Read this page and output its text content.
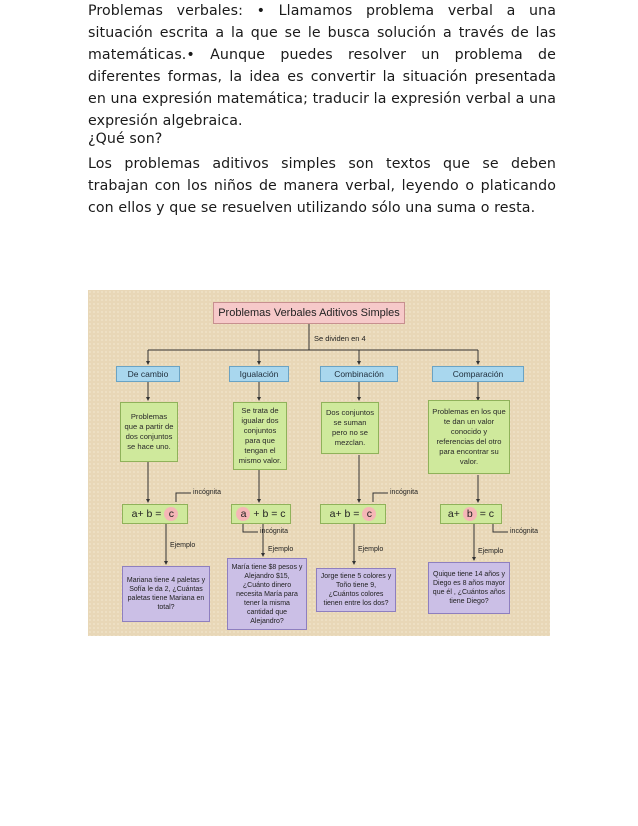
Problemas verbales: • Llamamos problema verbal a una situación escrita a la que se le busca solución a través de las matemáticas.• Aunque puedes resolver un problema de diferentes formas, la idea es convertir la situación presentada en una expresión matemática; traducir la expresión verbal a una expresión algebraica.

¿Qué son?

Los problemas aditivos simples son textos que se deben trabajan con los niños de manera verbal, leyendo o platicando con ellos y que se resuelven utilizando sólo una suma o resta.

Problemas Verbales Aditivos Simples
Se dividen en 4
De cambio	Igualación	Combinación	Comparación
Problemas que a partir de dos conjuntos se hace uno.
Se trata de igualar dos conjuntos para que tengan el mismo valor.
Dos conjuntos se suman pero no se mezclan.
Problemas en los que te dan un valor conocido y referencias del otro para encontrar su valor.
a+ b = c	a + b = c	a+ b = c	a+ b = c
incógnita
incógnita
incógnita
incógnita
Ejemplo
Ejemplo	Ejemplo	Ejemplo
Mariana tiene 4 paletas y Sofía le da 2, ¿Cuántas paletas tiene Mariana en total?
María tiene $8 pesos y Alejandro $15, ¿Cuánto dinero necesita María para tener la misma cantidad que Alejandro?
Jorge tiene 5 colores y Toño tiene 9, ¿Cuántos colores tienen entre los dos?
Quique tiene 14 años y Diego es 8 años mayor que él , ¿Cuántos años tiene Diego?
